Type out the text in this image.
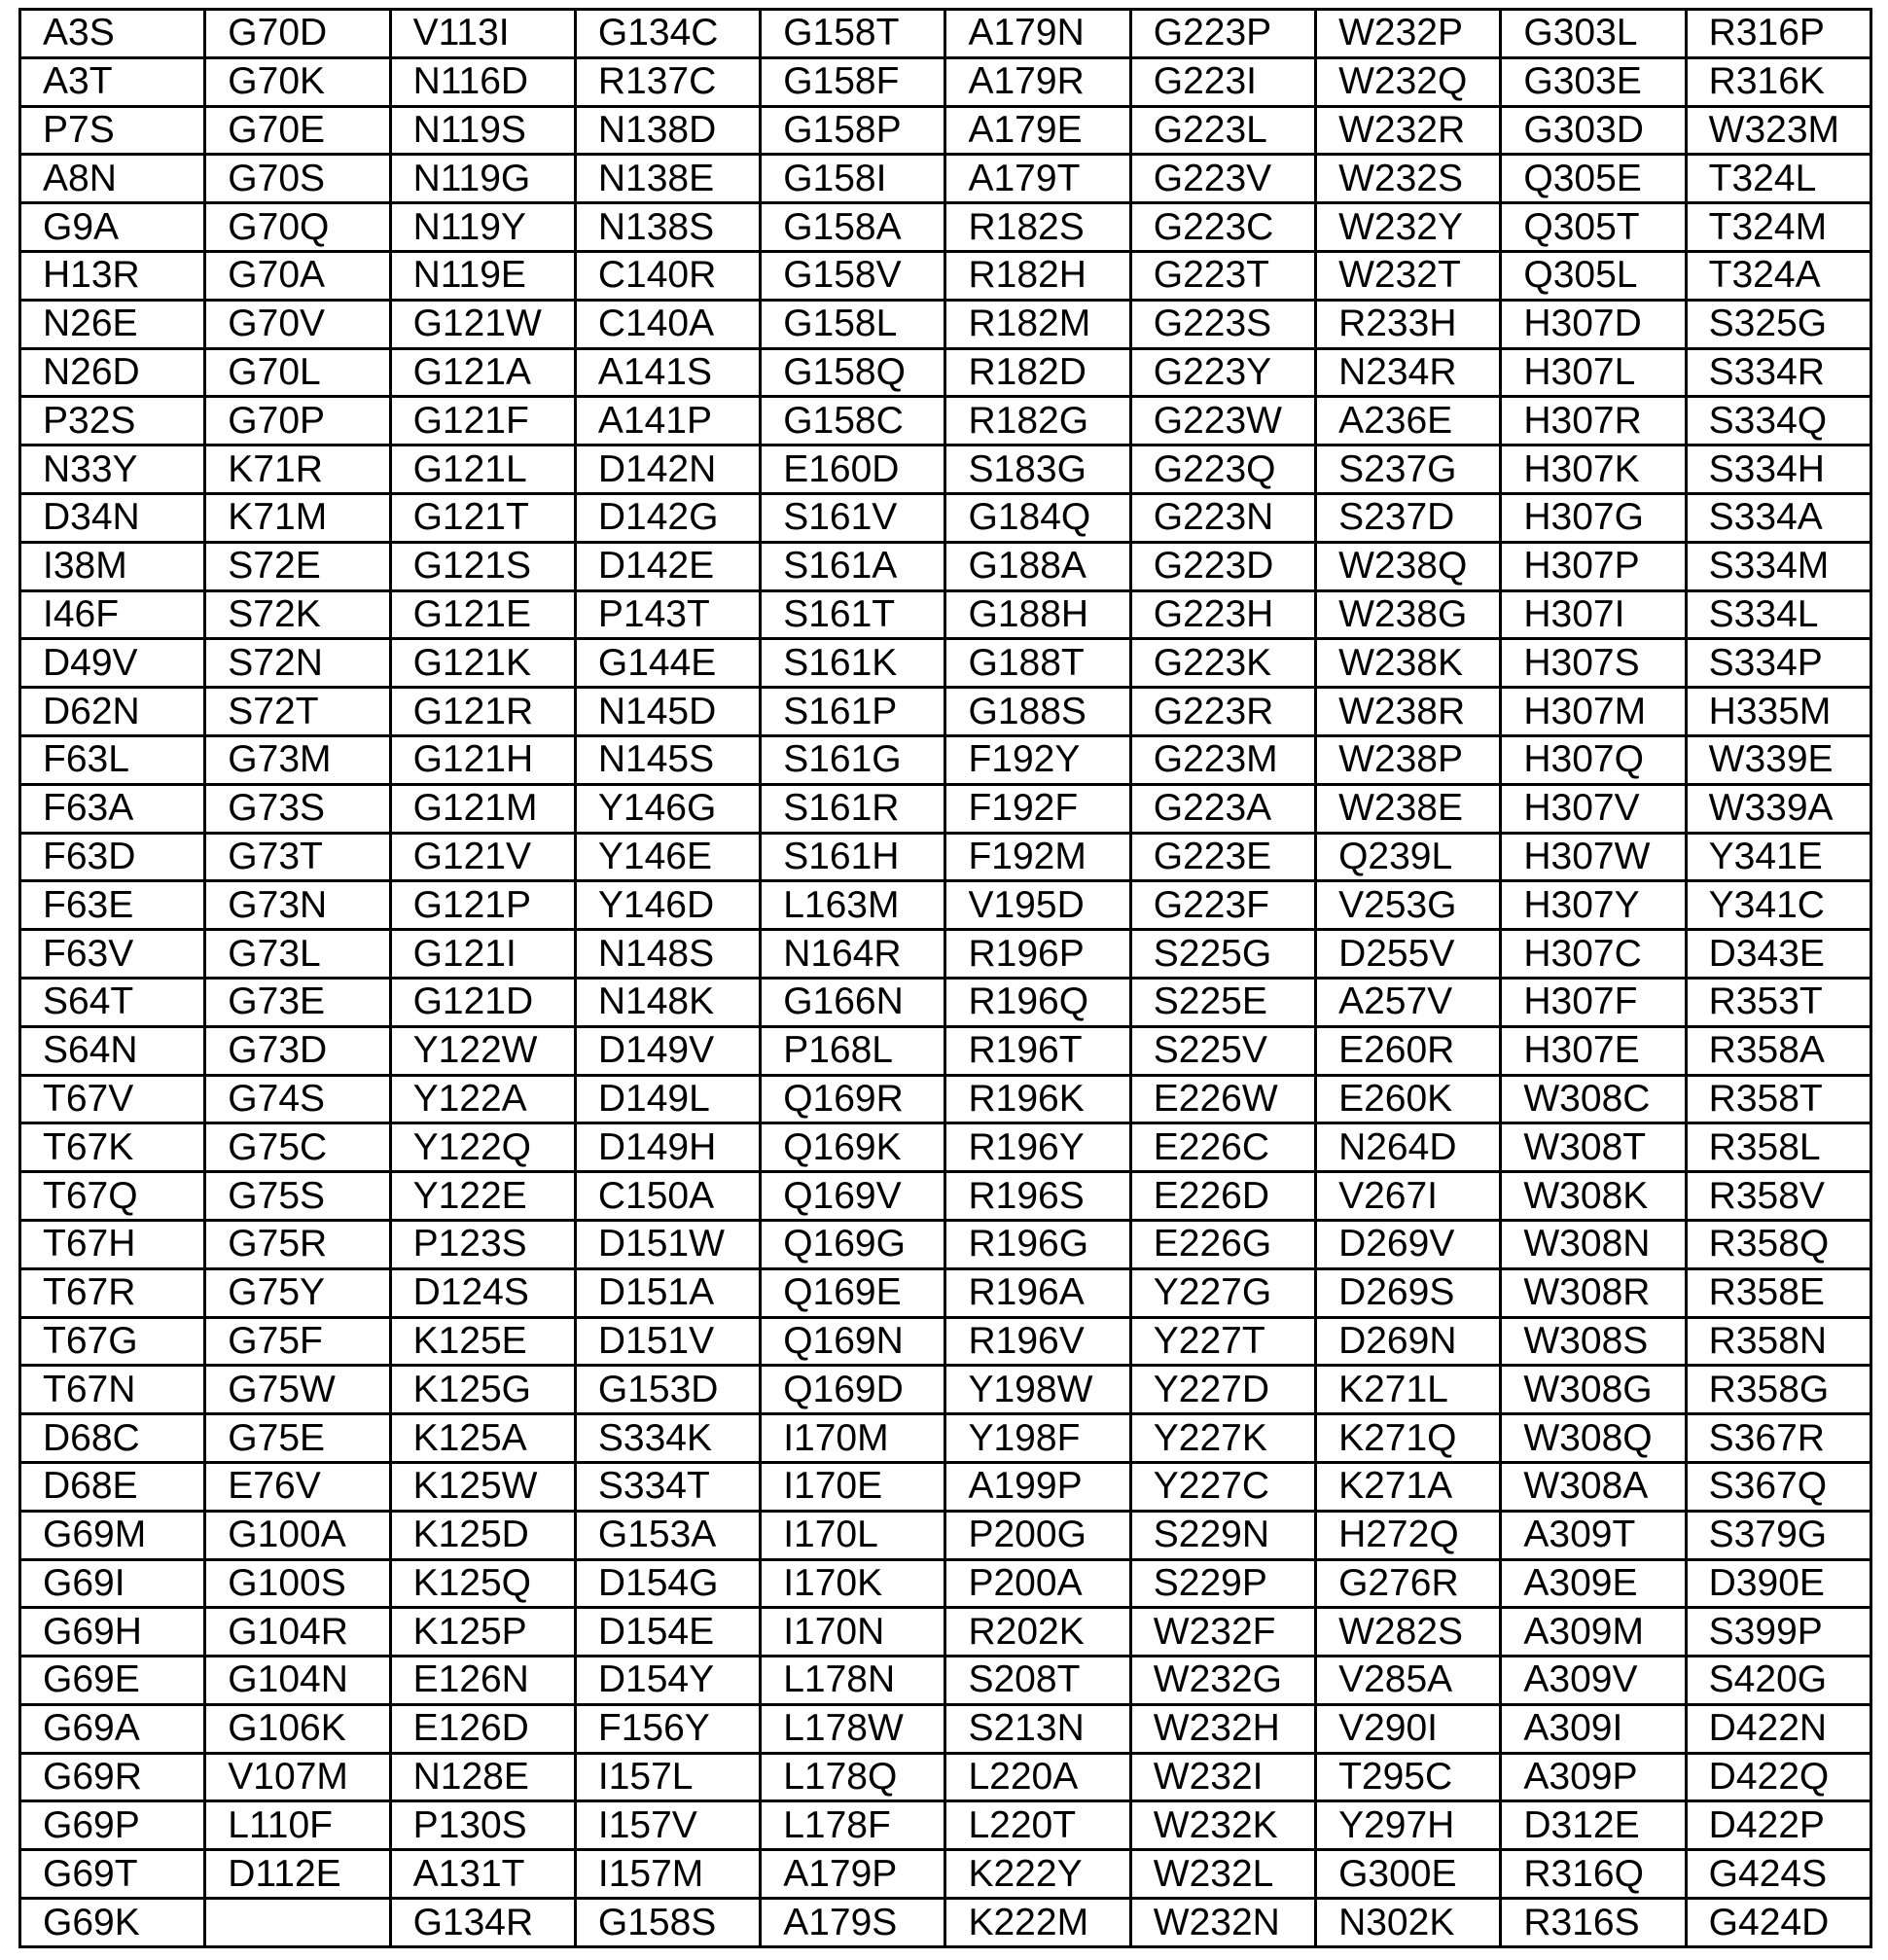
A3S	G70D	V113I	G134C	G158T	A179N	G223P	W232P	G303L	R316P
A3T	G70K	N116D	R137C	G158F	A179R	G223I	W232Q	G303E	R316K
P7S	G70E	N119S	N138D	G158P	A179E	G223L	W232R	G303D	W323M
A8N	G70S	N119G	N138E	G158I	A179T	G223V	W232S	Q305E	T324L
G9A	G70Q	N119Y	N138S	G158A	R182S	G223C	W232Y	Q305T	T324M
H13R	G70A	N119E	C140R	G158V	R182H	G223T	W232T	Q305L	T324A
N26E	G70V	G121W	C140A	G158L	R182M	G223S	R233H	H307D	S325G
N26D	G70L	G121A	A141S	G158Q	R182D	G223Y	N234R	H307L	S334R
P32S	G70P	G121F	A141P	G158C	R182G	G223W	A236E	H307R	S334Q
N33Y	K71R	G121L	D142N	E160D	S183G	G223Q	S237G	H307K	S334H
D34N	K71M	G121T	D142G	S161V	G184Q	G223N	S237D	H307G	S334A
I38M	S72E	G121S	D142E	S161A	G188A	G223D	W238Q	H307P	S334M
I46F	S72K	G121E	P143T	S161T	G188H	G223H	W238G	H307I	S334L
D49V	S72N	G121K	G144E	S161K	G188T	G223K	W238K	H307S	S334P
D62N	S72T	G121R	N145D	S161P	G188S	G223R	W238R	H307M	H335M
F63L	G73M	G121H	N145S	S161G	F192Y	G223M	W238P	H307Q	W339E
F63A	G73S	G121M	Y146G	S161R	F192F	G223A	W238E	H307V	W339A
F63D	G73T	G121V	Y146E	S161H	F192M	G223E	Q239L	H307W	Y341E
F63E	G73N	G121P	Y146D	L163M	V195D	G223F	V253G	H307Y	Y341C
F63V	G73L	G121I	N148S	N164R	R196P	S225G	D255V	H307C	D343E
S64T	G73E	G121D	N148K	G166N	R196Q	S225E	A257V	H307F	R353T
S64N	G73D	Y122W	D149V	P168L	R196T	S225V	E260R	H307E	R358A
T67V	G74S	Y122A	D149L	Q169R	R196K	E226W	E260K	W308C	R358T
T67K	G75C	Y122Q	D149H	Q169K	R196Y	E226C	N264D	W308T	R358L
T67Q	G75S	Y122E	C150A	Q169V	R196S	E226D	V267I	W308K	R358V
T67H	G75R	P123S	D151W	Q169G	R196G	E226G	D269V	W308N	R358Q
T67R	G75Y	D124S	D151A	Q169E	R196A	Y227G	D269S	W308R	R358E
T67G	G75F	K125E	D151V	Q169N	R196V	Y227T	D269N	W308S	R358N
T67N	G75W	K125G	G153D	Q169D	Y198W	Y227D	K271L	W308G	R358G
D68C	G75E	K125A	S334K	I170M	Y198F	Y227K	K271Q	W308Q	S367R
D68E	E76V	K125W	S334T	I170E	A199P	Y227C	K271A	W308A	S367Q
G69M	G100A	K125D	G153A	I170L	P200G	S229N	H272Q	A309T	S379G
G69I	G100S	K125Q	D154G	I170K	P200A	S229P	G276R	A309E	D390E
G69H	G104R	K125P	D154E	I170N	R202K	W232F	W282S	A309M	S399P
G69E	G104N	E126N	D154Y	L178N	S208T	W232G	V285A	A309V	S420G
G69A	G106K	E126D	F156Y	L178W	S213N	W232H	V290I	A309I	D422N
G69R	V107M	N128E	I157L	L178Q	L220A	W232I	T295C	A309P	D422Q
G69P	L110F	P130S	I157V	L178F	L220T	W232K	Y297H	D312E	D422P
G69T	D112E	A131T	I157M	A179P	K222Y	W232L	G300E	R316Q	G424S
G69K		G134R	G158S	A179S	K222M	W232N	N302K	R316S	G424D
